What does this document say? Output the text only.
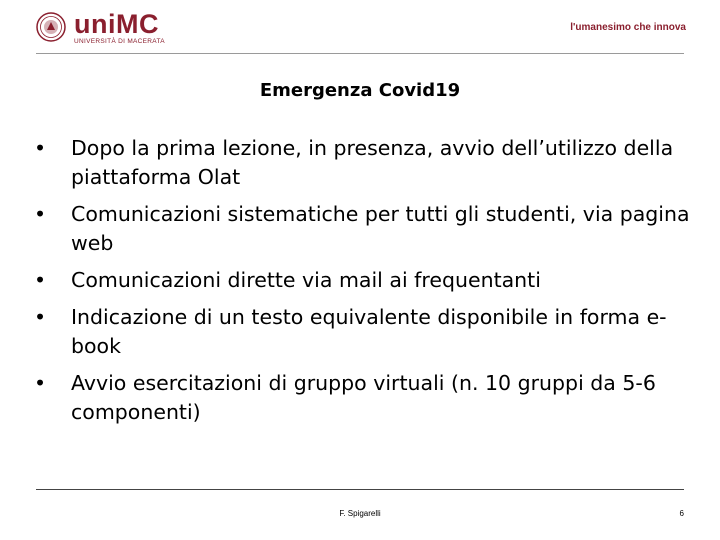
uniMC
UNIVERSITÀ DI MACERATA
l'umanesimo che innova
Emergenza Covid19
• Dopo la prima lezione, in presenza, avvio dell’utilizzo della piattaforma Olat
• Comunicazioni sistematiche per tutti gli studenti, via pagina web
• Comunicazioni dirette via mail ai frequentanti
• Indicazione di un testo equivalente disponibile in forma e-book
• Avvio esercitazioni di gruppo virtuali (n. 10 gruppi da 5-6 componenti)
F. Spigarelli	6
